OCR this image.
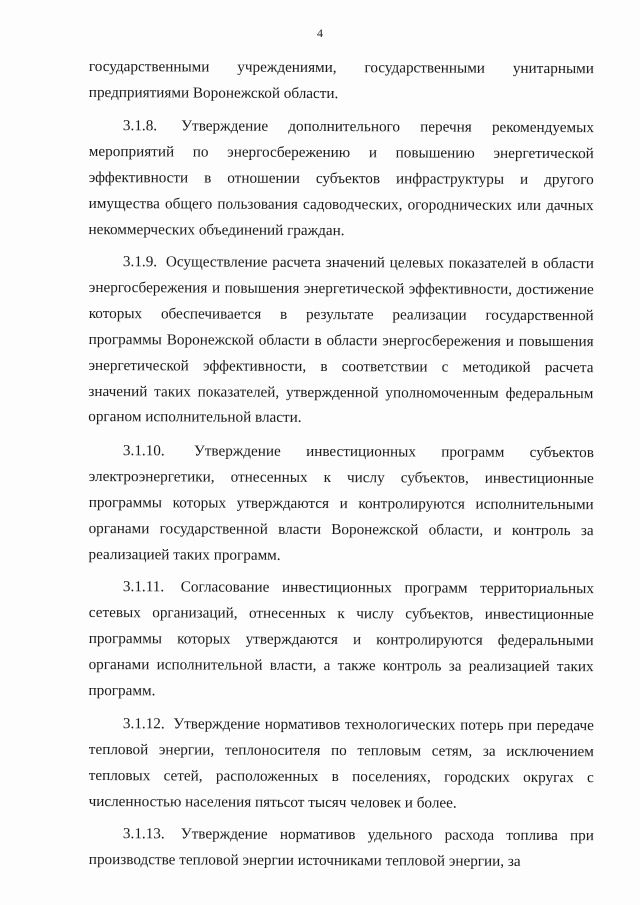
4

государственными учреждениями, государственными унитарными предприятиями Воронежской области.

3.1.8. Утверждение дополнительного перечня рекомендуемых мероприятий по энергосбережению и повышению энергетической эффективности в отношении субъектов инфраструктуры и другого имущества общего пользования садоводческих, огороднических или дачных некоммерческих объединений граждан.

3.1.9. Осуществление расчета значений целевых показателей в области энергосбережения и повышения энергетической эффективности, достижение которых обеспечивается в результате реализации государственной программы Воронежской области в области энергосбережения и повышения энергетической эффективности, в соответствии с методикой расчета значений таких показателей, утвержденной уполномоченным федеральным органом исполнительной власти.

3.1.10. Утверждение инвестиционных программ субъектов электроэнергетики, отнесенных к числу субъектов, инвестиционные программы которых утверждаются и контролируются исполнительными органами государственной власти Воронежской области, и контроль за реализацией таких программ.

3.1.11. Согласование инвестиционных программ территориальных сетевых организаций, отнесенных к числу субъектов, инвестиционные программы которых утверждаются и контролируются федеральными органами исполнительной власти, а также контроль за реализацией таких программ.

3.1.12. Утверждение нормативов технологических потерь при передаче тепловой энергии, теплоносителя по тепловым сетям, за исключением тепловых сетей, расположенных в поселениях, городских округах с численностью населения пятьсот тысяч человек и более.

3.1.13. Утверждение нормативов удельного расхода топлива при производстве тепловой энергии источниками тепловой энергии, за
